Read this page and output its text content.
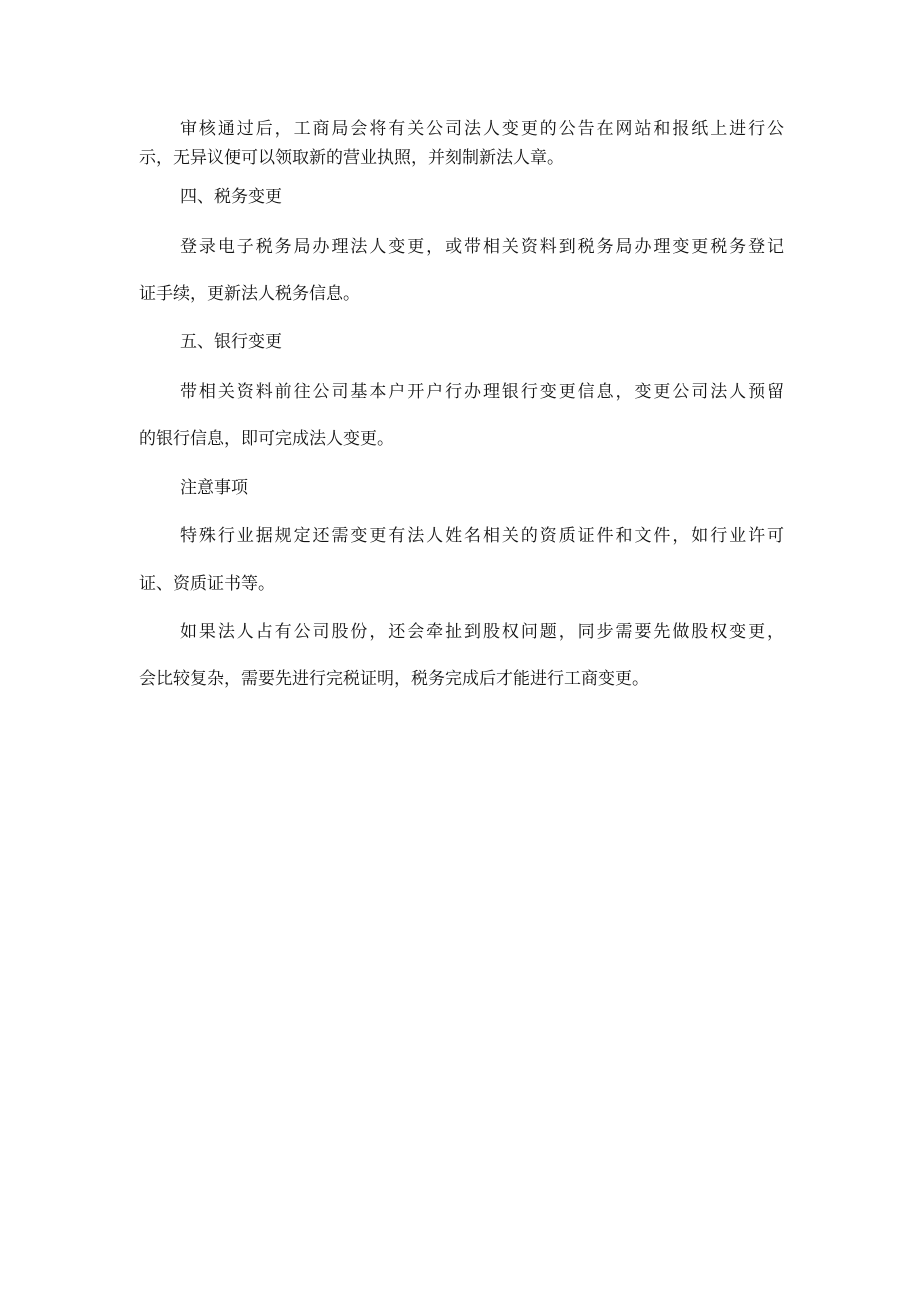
审核通过后，工商局会将有关公司法人变更的公告在网站和报纸上进行公

示，无异议便可以领取新的营业执照，并刻制新法人章。

四、税务变更

登录电子税务局办理法人变更，或带相关资料到税务局办理变更税务登记

证手续，更新法人税务信息。

五、银行变更

带相关资料前往公司基本户开户行办理银行变更信息，变更公司法人预留

的银行信息，即可完成法人变更。

注意事项

特殊行业据规定还需变更有法人姓名相关的资质证件和文件，如行业许可

证、资质证书等。

如果法人占有公司股份，还会牵扯到股权问题，同步需要先做股权变更，

会比较复杂，需要先进行完税证明，税务完成后才能进行工商变更。
